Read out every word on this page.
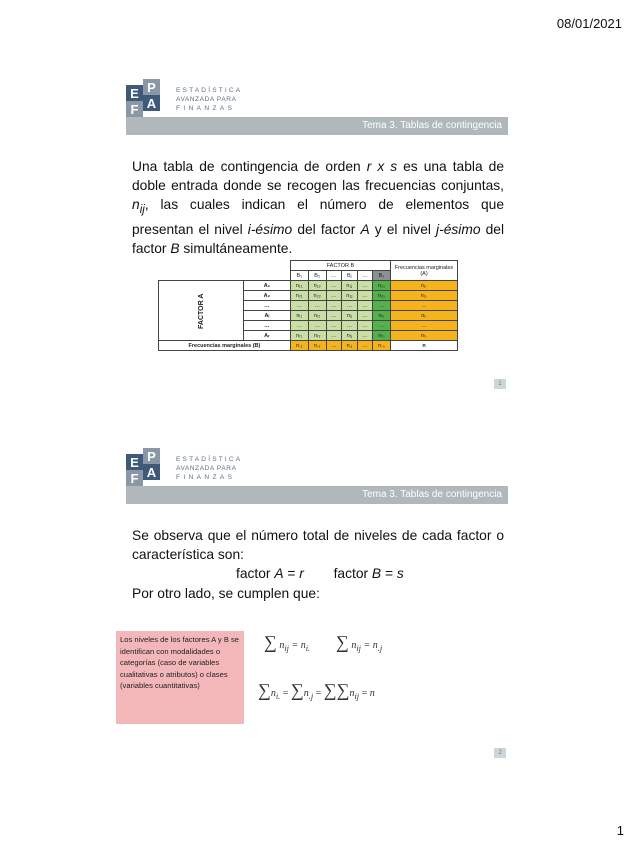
08/01/2021
E P
A
F
ESTADÍSTICA
AVANZADA PARA
FINANZAS
Tema 3. Tablas de contingencia
Una tabla de contingencia de orden r x s es una tabla de doble entrada donde se recogen las frecuencias conjuntas, $n_{ij}$, las cuales indican el número de elementos que presentan el nivel i-ésimo del factor A y el nivel j-ésimo del factor B simultáneamente.
		FACTOR B						Frecuencias marginales (A)
		B₁	B₂	…	Bⱼ	…	Bₛ	
FACTOR A	A₁	n₁₁	n₁₂	…	n₁ⱼ	…	n₁ₛ	n₁.
	A₂	n₂₁	n₂₂	…	n₂ⱼ	…	n₂ₛ	n₂.
	…	…	…	…	…	…	…	…
	Aᵢ	nᵢ₁	nᵢ₂	…	nᵢⱼ	…	nᵢₛ	nᵢ.
	…	…	…	…	…	…	…	…
	Aᵣ	nᵣ₁	nᵣ₂	…	nᵣⱼ	…	nᵣₛ	nᵣ.
Frecuencias marginales (B)		n.₁	n.₂	…	n.ⱼ	…	n.ₛ	n
1
E P
A
F
ESTADÍSTICA
AVANZADA PARA
FINANZAS
Tema 3. Tablas de contingencia
Se observa que el número total de niveles de cada factor o característica son:
factor A = r factor B = s
Por otro lado, se cumplen que:
∑ $n_{ij} = n_{i.}$ ∑ $n_{ij} = n_{.j}$
$\sum n_{i.} = \sum n_{.j} = \sum\sum n_{ij} = n$
2
Los niveles de los factores A y B se identifican con modalidades o categorías (caso de variables cualitativas o atributos) o clases (variables cuantitativas)
1
